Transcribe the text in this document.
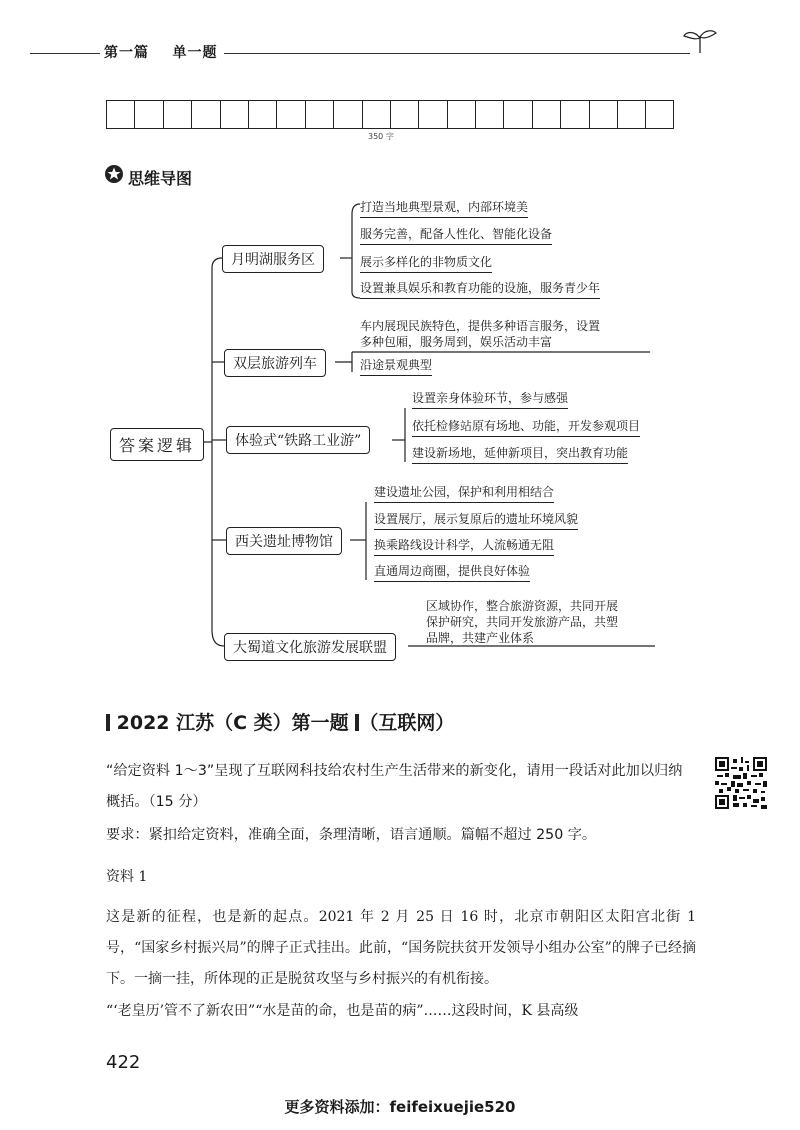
第一篇    单一题
350 字
思维导图
答案逻辑
月明湖服务区
打造当地典型景观，内部环境美
服务完善，配备人性化、智能化设备
展示多样化的非物质文化
设置兼具娱乐和教育功能的设施，服务青少年
双层旅游列车
车内展现民族特色，提供多种语言服务，设置
多种包厢，服务周到，娱乐活动丰富
沿途景观典型
体验式“铁路工业游”
设置亲身体验环节，参与感强
依托检修站原有场地、功能，开发参观项目
建设新场地，延伸新项目，突出教育功能
西关遗址博物馆
建设遗址公园，保护和利用相结合
设置展厅，展示复原后的遗址环境风貌
换乘路线设计科学，人流畅通无阻
直通周边商圈，提供良好体验
大蜀道文化旅游发展联盟
区域协作，整合旅游资源，共同开展
保护研究，共同开发旅游产品，共塑
品牌，共建产业体系
2022 江苏（C 类）第一题 （互联网）
“给定资料 1～3”呈现了互联网科技给农村生产生活带来的新变化，请用一段话对此加以归纳概括。（15 分）
要求：紧扣给定资料，准确全面，条理清晰，语言通顺。篇幅不超过 250 字。
资料 1
这是新的征程，也是新的起点。2021 年 2 月 25 日 16 时，北京市朝阳区太阳宫北街 1 号，“国家乡村振兴局”的牌子正式挂出。此前，“国务院扶贫开发领导小组办公室”的牌子已经摘下。一摘一挂，所体现的正是脱贫攻坚与乡村振兴的有机衔接。
“‘老皇历’管不了新农田”“水是苗的命，也是苗的病”……这段时间，K 县高级
422
更多资料添加：feifeixuejie520
